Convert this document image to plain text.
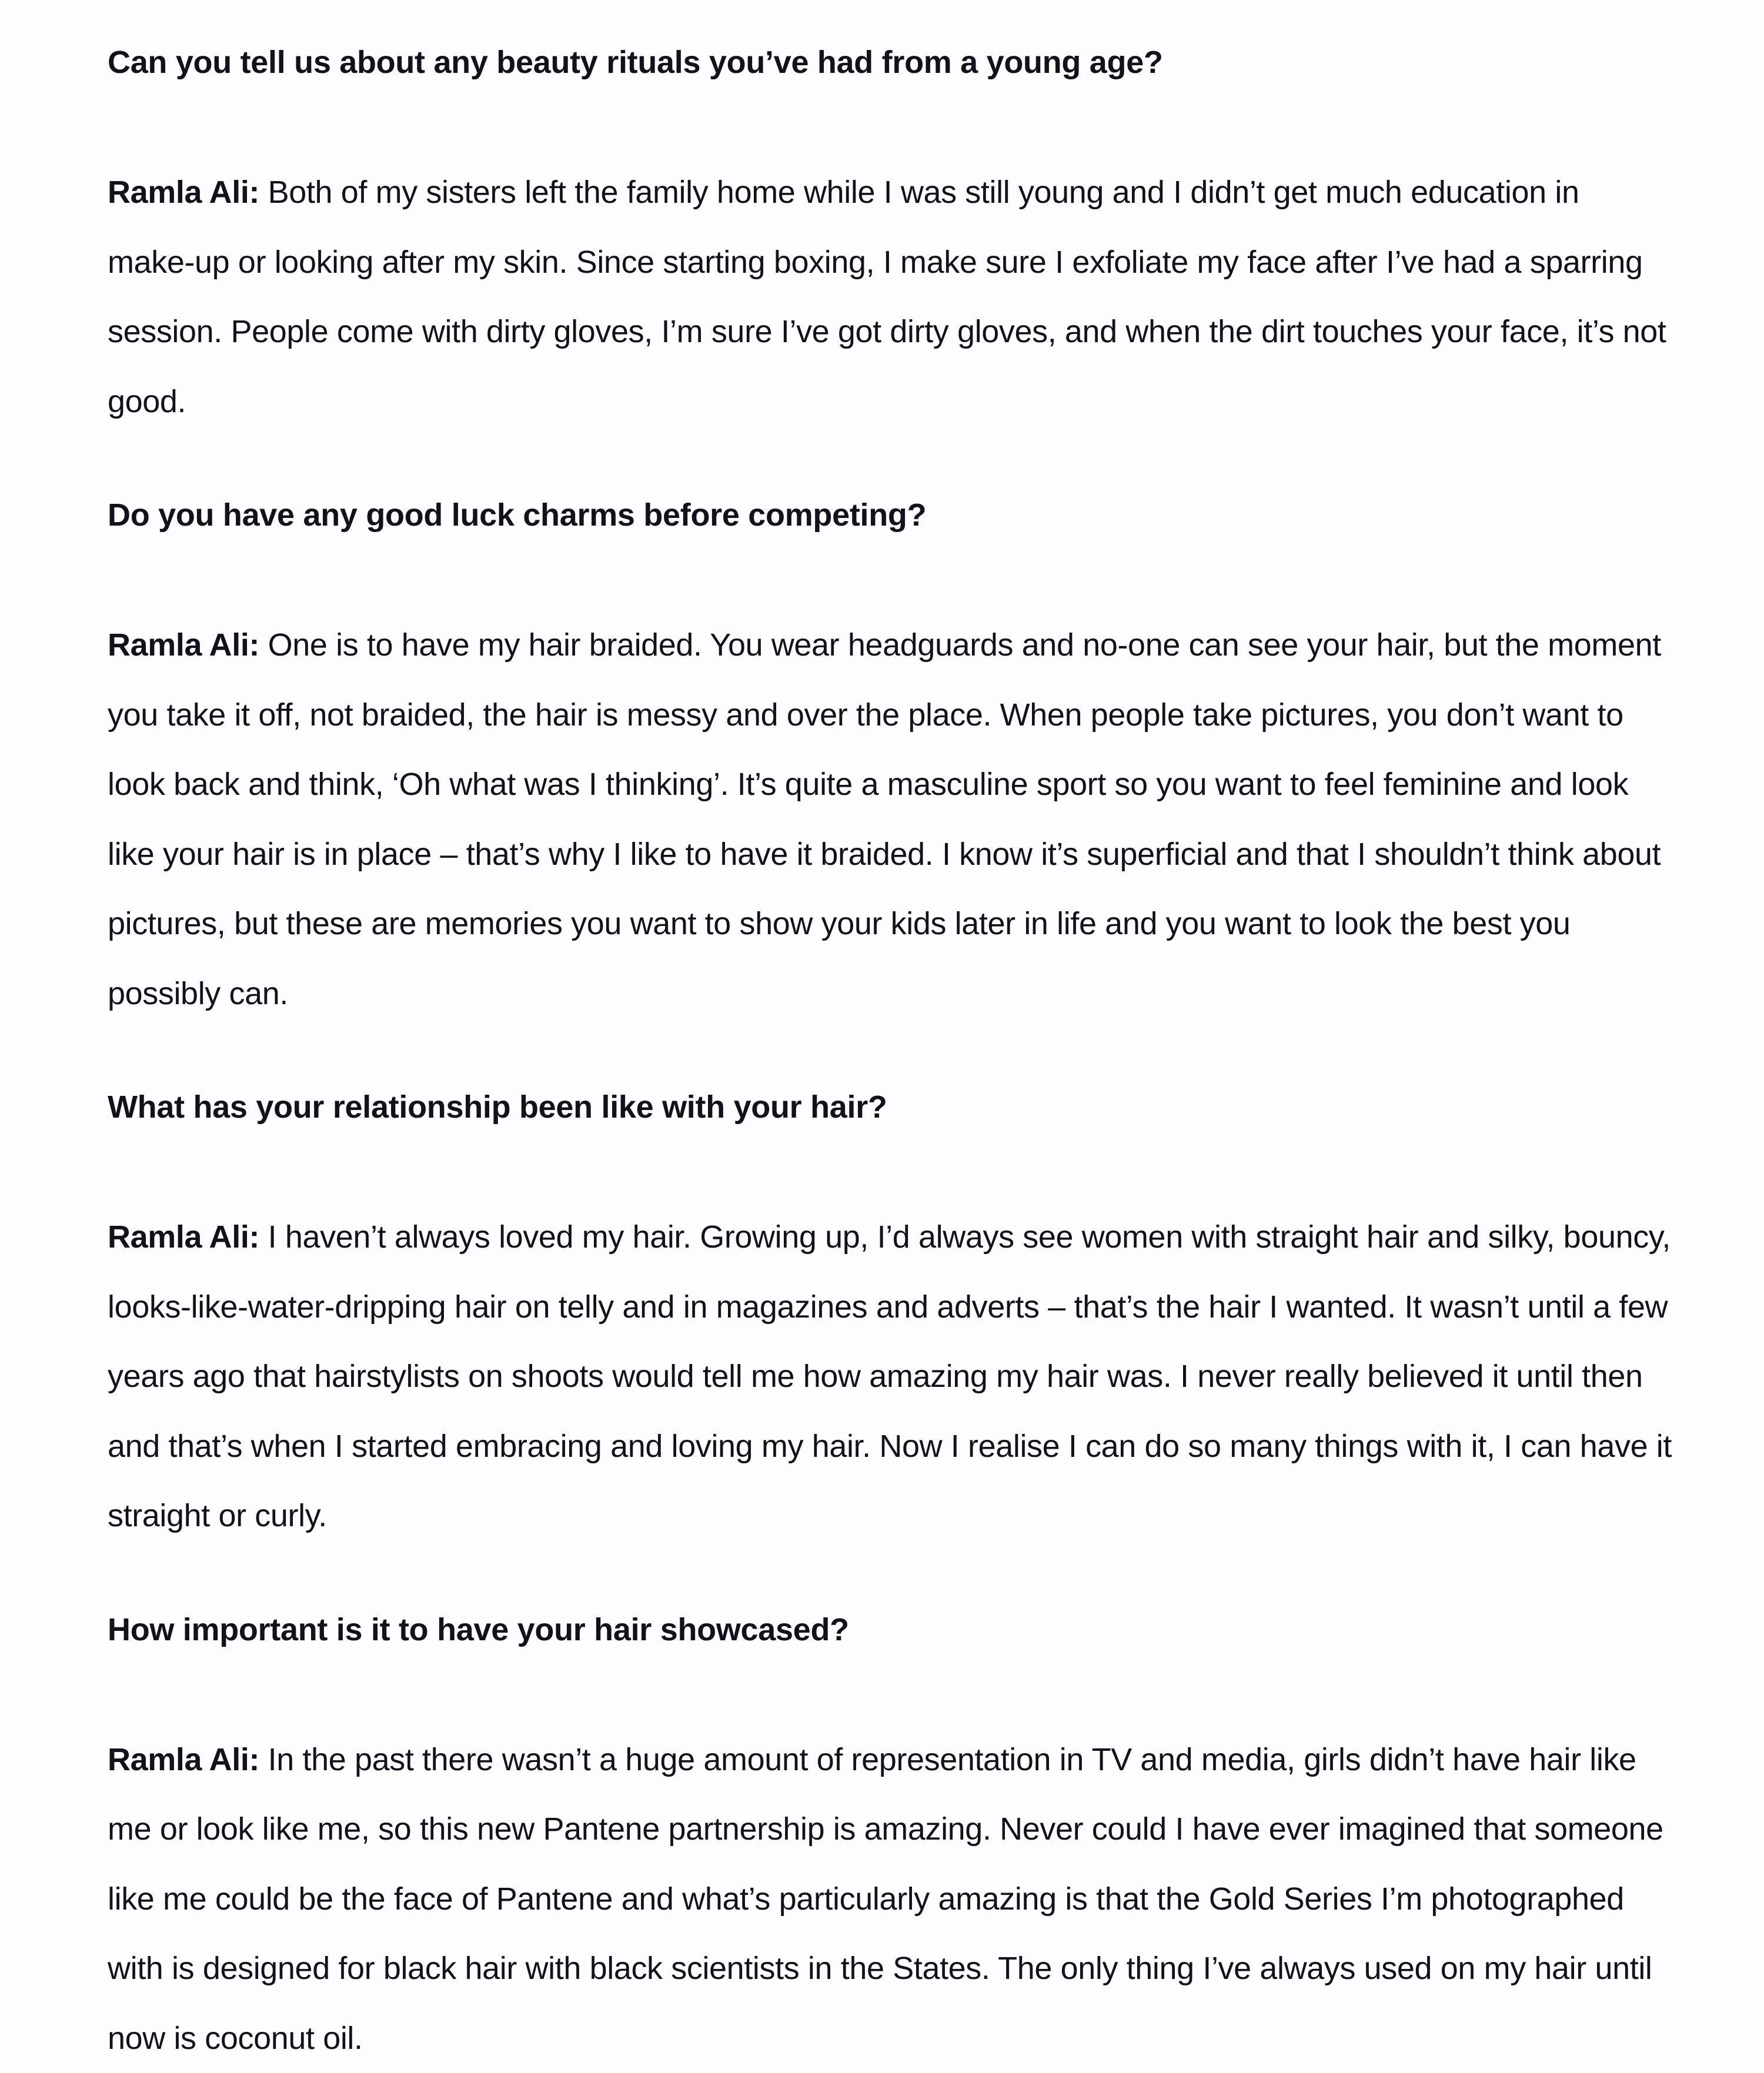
Can you tell us about any beauty rituals you’ve had from a young age?

Ramla Ali: Both of my sisters left the family home while I was still young and I didn’t get much education in make-up or looking after my skin. Since starting boxing, I make sure I exfoliate my face after I’ve had a sparring session. People come with dirty gloves, I’m sure I’ve got dirty gloves, and when the dirt touches your face, it’s not good.

Do you have any good luck charms before competing?

Ramla Ali: One is to have my hair braided. You wear headguards and no-one can see your hair, but the moment you take it off, not braided, the hair is messy and over the place. When people take pictures, you don’t want to look back and think, ‘Oh what was I thinking’. It’s quite a masculine sport so you want to feel feminine and look like your hair is in place – that’s why I like to have it braided. I know it’s superficial and that I shouldn’t think about pictures, but these are memories you want to show your kids later in life and you want to look the best you possibly can.

What has your relationship been like with your hair?

Ramla Ali: I haven’t always loved my hair. Growing up, I’d always see women with straight hair and silky, bouncy, looks-like-water-dripping hair on telly and in magazines and adverts – that’s the hair I wanted. It wasn’t until a few years ago that hairstylists on shoots would tell me how amazing my hair was. I never really believed it until then and that’s when I started embracing and loving my hair. Now I realise I can do so many things with it, I can have it straight or curly.

How important is it to have your hair showcased?

Ramla Ali: In the past there wasn’t a huge amount of representation in TV and media, girls didn’t have hair like me or look like me, so this new Pantene partnership is amazing. Never could I have ever imagined that someone like me could be the face of Pantene and what’s particularly amazing is that the Gold Series I’m photographed with is designed for black hair with black scientists in the States. The only thing I’ve always used on my hair until now is coconut oil.
